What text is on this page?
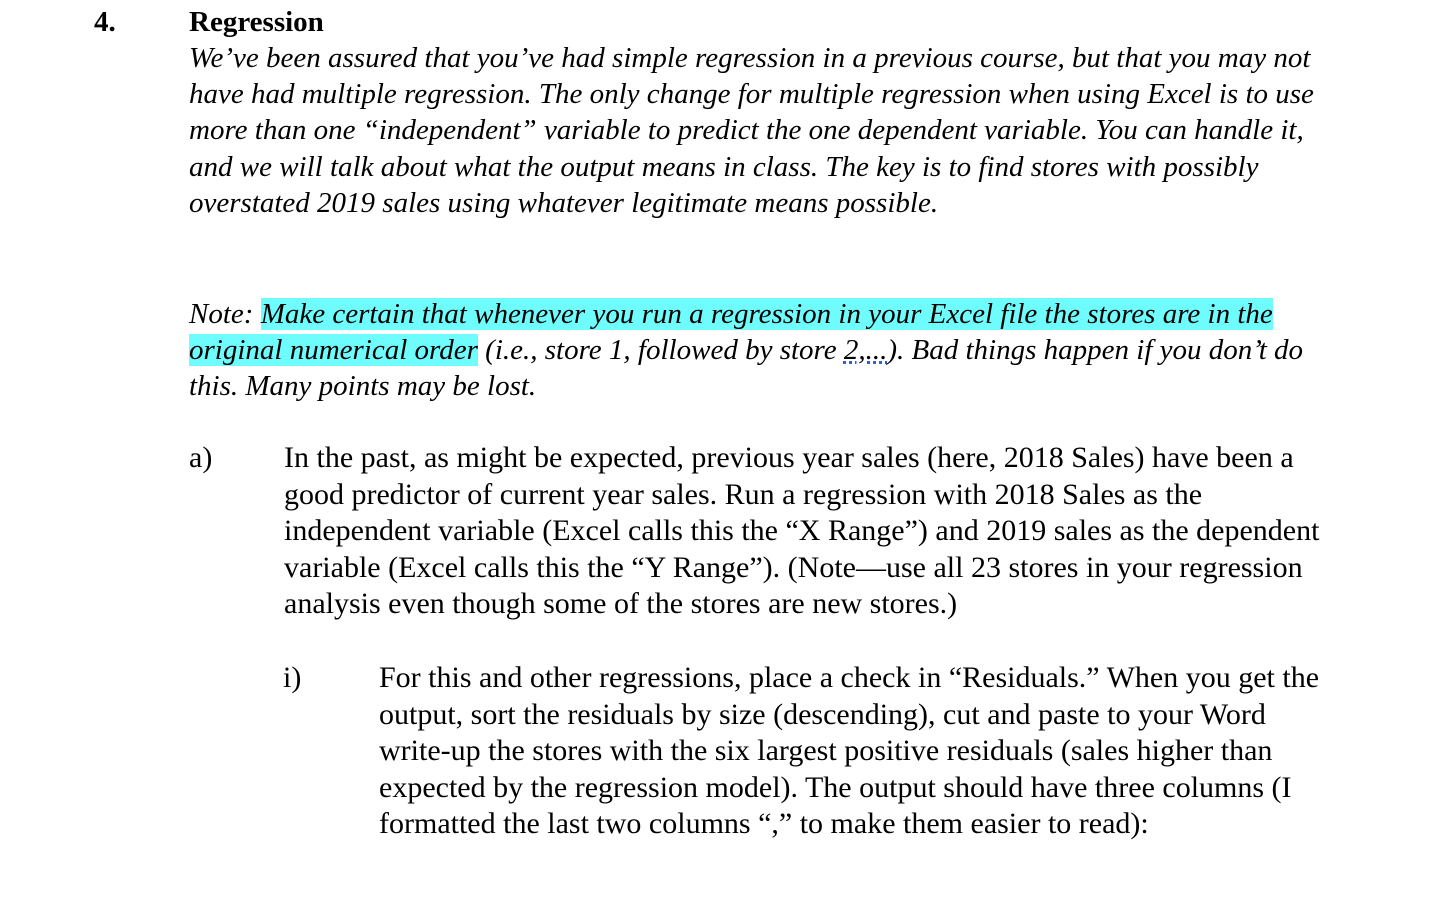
4.	Regression

We’ve been assured that you’ve had simple regression in a previous course, but that you may not have had multiple regression. The only change for multiple regression when using Excel is to use more than one “independent” variable to predict the one dependent variable. You can handle it, and we will talk about what the output means in class. The key is to find stores with possibly overstated 2019 sales using whatever legitimate means possible.

Note: Make certain that whenever you run a regression in your Excel file the stores are in the original numerical order (i.e., store 1, followed by store 2,...). Bad things happen if you don’t do this. Many points may be lost.

a) In the past, as might be expected, previous year sales (here, 2018 Sales) have been a good predictor of current year sales. Run a regression with 2018 Sales as the independent variable (Excel calls this the “X Range”) and 2019 sales as the dependent variable (Excel calls this the “Y Range”). (Note—use all 23 stores in your regression analysis even though some of the stores are new stores.)

i)	For this and other regressions, place a check in “Residuals.” When you get the output, sort the residuals by size (descending), cut and paste to your Word write-up the stores with the six largest positive residuals (sales higher than expected by the regression model). The output should have three columns (I formatted the last two columns “,” to make them easier to read):
